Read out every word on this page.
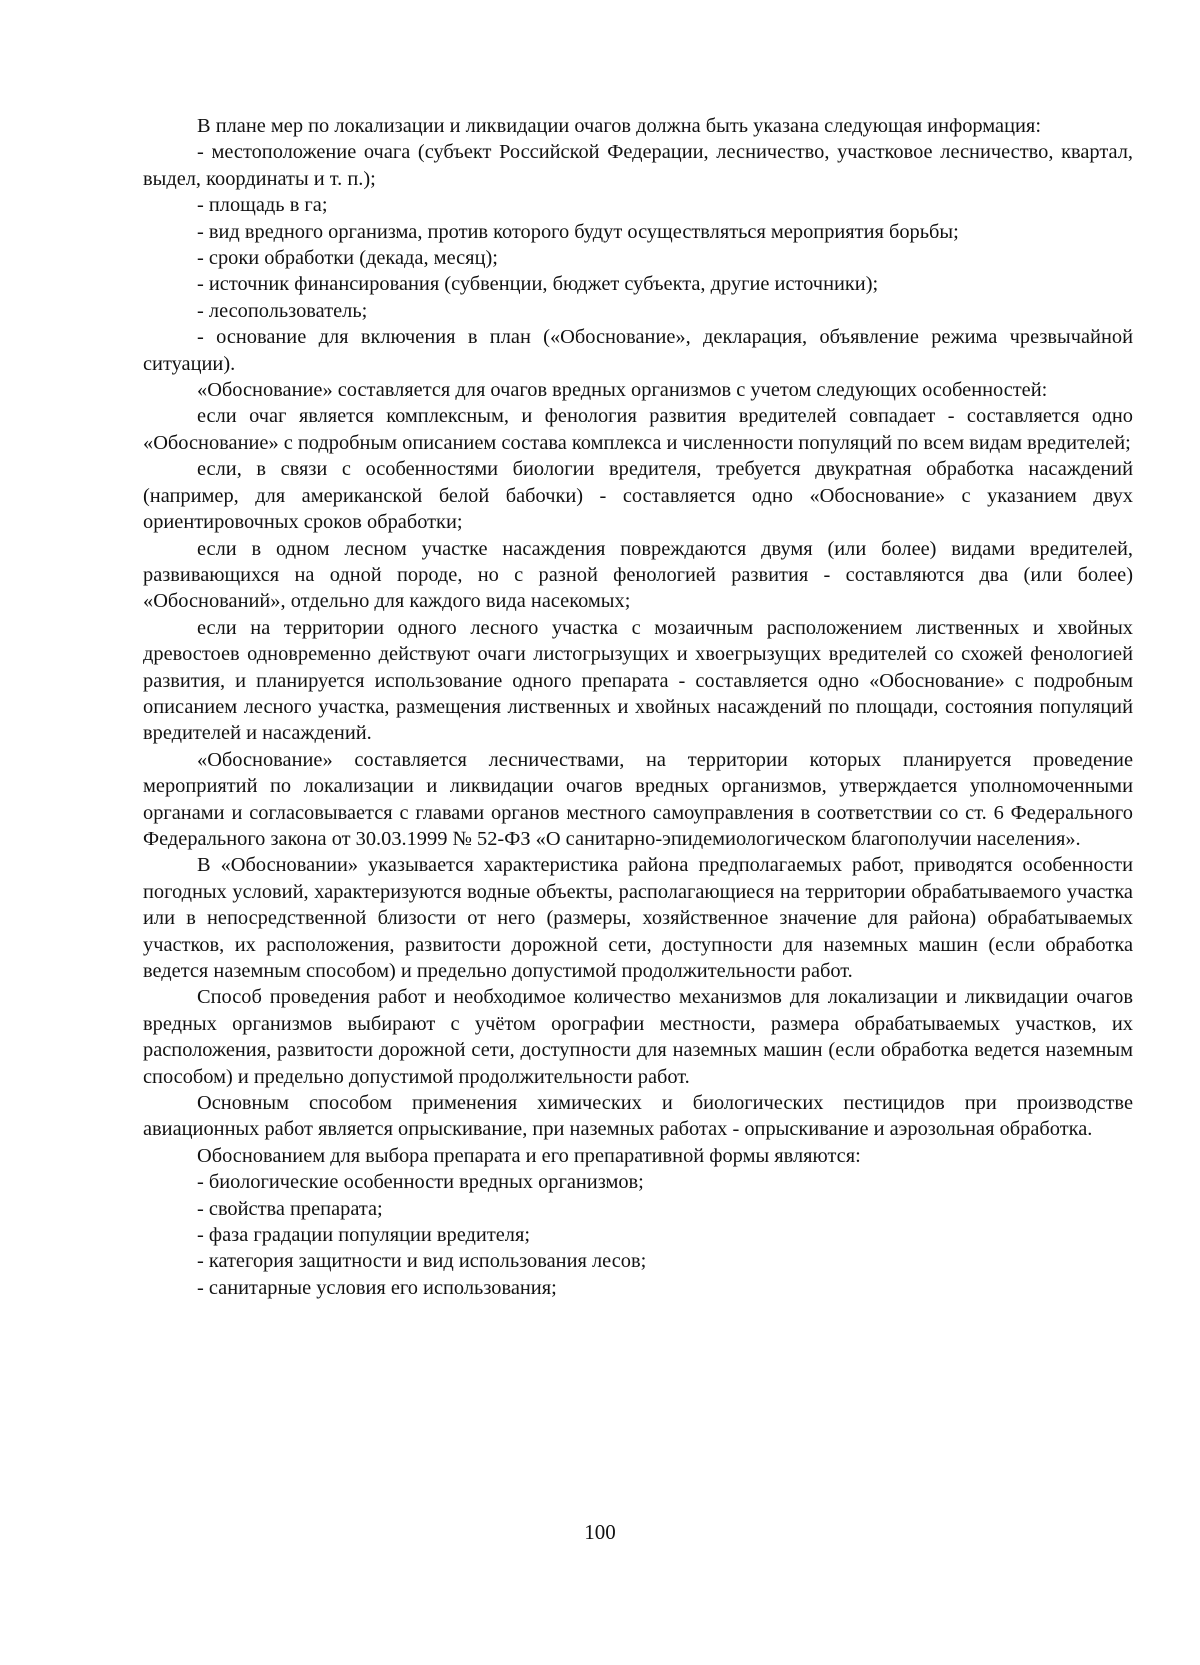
В плане мер по локализации и ликвидации очагов должна быть указана следующая информация:

- местоположение очага (субъект Российской Федерации, лесничество, участковое лесничество, квартал, выдел, координаты и т. п.);

- площадь в га;

- вид вредного организма, против которого будут осуществляться мероприятия борьбы;

- сроки обработки (декада, месяц);

- источник финансирования (субвенции, бюджет субъекта, другие источники);

- лесопользователь;

- основание для включения в план («Обоснование», декларация, объявление режима чрезвычайной ситуации).

«Обоснование» составляется для очагов вредных организмов с учетом следующих особенностей:

если очаг является комплексным, и фенология развития вредителей совпадает - составляется одно «Обоснование» с подробным описанием состава комплекса и численности популяций по всем видам вредителей;

если, в связи с особенностями биологии вредителя, требуется двукратная обработка насаждений (например, для американской белой бабочки) - составляется одно «Обоснование» с указанием двух ориентировочных сроков обработки;

если в одном лесном участке насаждения повреждаются двумя (или более) видами вредителей, развивающихся на одной породе, но с разной фенологией развития - составляются два (или более) «Обоснований», отдельно для каждого вида насекомых;

если на территории одного лесного участка с мозаичным расположением лиственных и хвойных древостоев одновременно действуют очаги листогрызущих и хвоегрызущих вредителей со схожей фенологией развития, и планируется использование одного препарата - составляется одно «Обоснование» с подробным описанием лесного участка, размещения лиственных и хвойных насаждений по площади, состояния популяций вредителей и насаждений.

«Обоснование» составляется лесничествами, на территории которых планируется проведение мероприятий по локализации и ликвидации очагов вредных организмов, утверждается уполномоченными органами и согласовывается с главами органов местного самоуправления в соответствии со ст. 6 Федерального Федерального закона от 30.03.1999 № 52-ФЗ «О санитарно-эпидемиологическом благополучии населения».

В «Обосновании» указывается характеристика района предполагаемых работ, приводятся особенности погодных условий, характеризуются водные объекты, располагающиеся на территории обрабатываемого участка или в непосредственной близости от него (размеры, хозяйственное значение для района) обрабатываемых участков, их расположения, развитости дорожной сети, доступности для наземных машин (если обработка ведется наземным способом) и предельно допустимой продолжительности работ.

Способ проведения работ и необходимое количество механизмов для локализации и ликвидации очагов вредных организмов выбирают с учётом орографии местности, размера обрабатываемых участков, их расположения, развитости дорожной сети, доступности для наземных машин (если обработка ведется наземным способом) и предельно допустимой продолжительности работ.

Основным способом применения химических и биологических пестицидов при производстве авиационных работ является опрыскивание, при наземных работах - опрыскивание и аэрозольная обработка.

Обоснованием для выбора препарата и его препаративной формы являются:

- биологические особенности вредных организмов;

- свойства препарата;

- фаза градации популяции вредителя;

- категория защитности и вид использования лесов;

- санитарные условия его использования;

100
